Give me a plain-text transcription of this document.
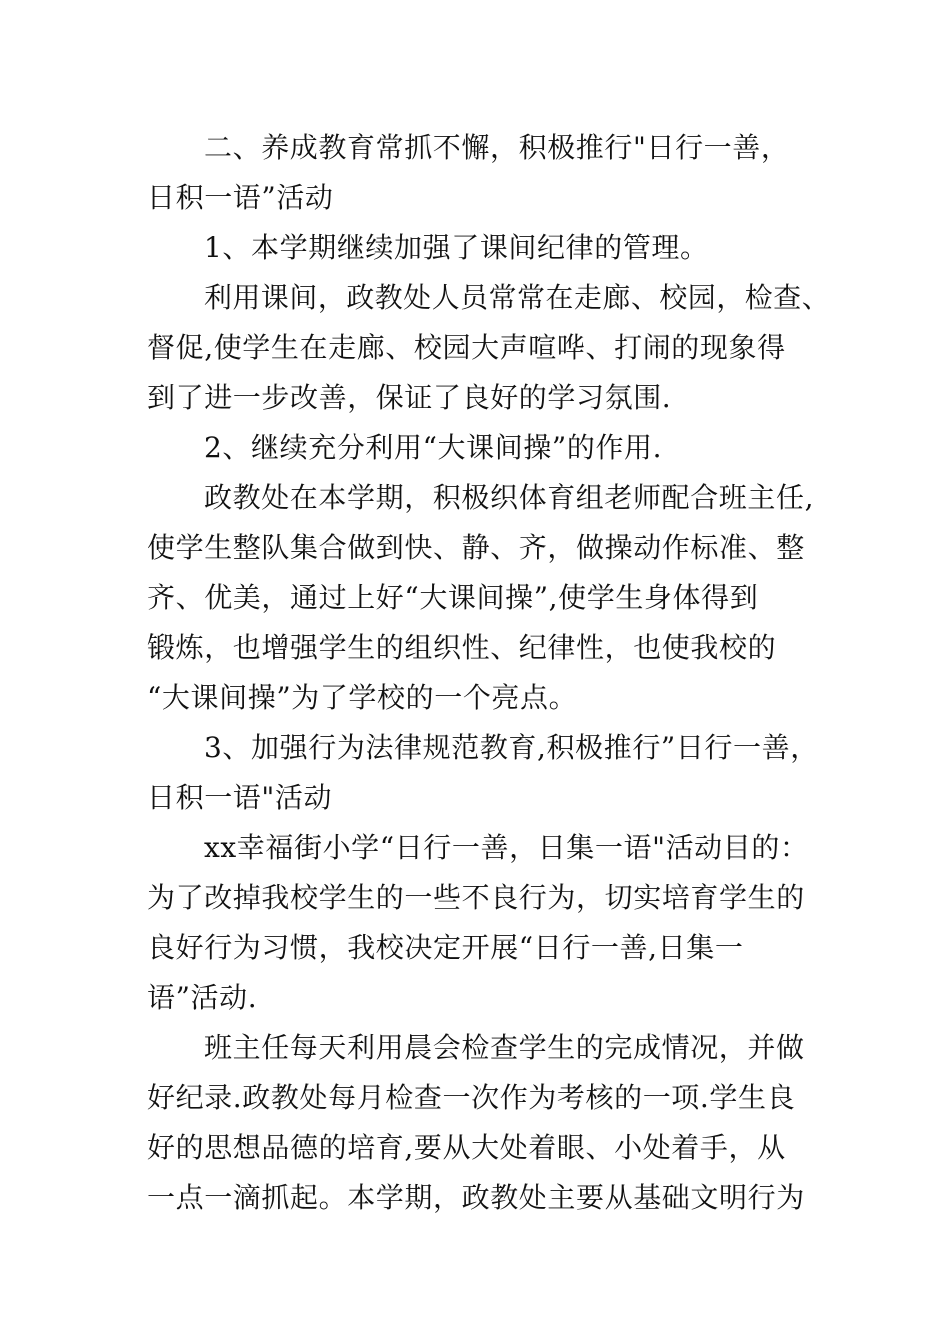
二、养成教育常抓不懈，积极推行"日行一善，
日积一语”活动
1、本学期继续加强了课间纪律的管理。
利用课间，政教处人员常常在走廊、校园，检查、
督促,使学生在走廊、校园大声喧哗、打闹的现象得
到了进一步改善，保证了良好的学习氛围.
2、继续充分利用“大课间操”的作用.
政教处在本学期，积极织体育组老师配合班主任,
使学生整队集合做到快、静、齐，做操动作标准、整
齐、优美，通过上好“大课间操”,使学生身体得到
锻炼，也增强学生的组织性、纪律性，也使我校的
“大课间操”为了学校的一个亮点。
3、加强行为法律规范教育,积极推行”日行一善，
日积一语"活动
xx幸福街小学“日行一善，日集一语"活动目的：
为了改掉我校学生的一些不良行为，切实培育学生的
良好行为习惯，我校决定开展“日行一善,日集一
语”活动.
班主任每天利用晨会检查学生的完成情况，并做
好纪录.政教处每月检查一次作为考核的一项.学生良
好的思想品德的培育,要从大处着眼、小处着手，从
一点一滴抓起。本学期，政教处主要从基础文明行为
